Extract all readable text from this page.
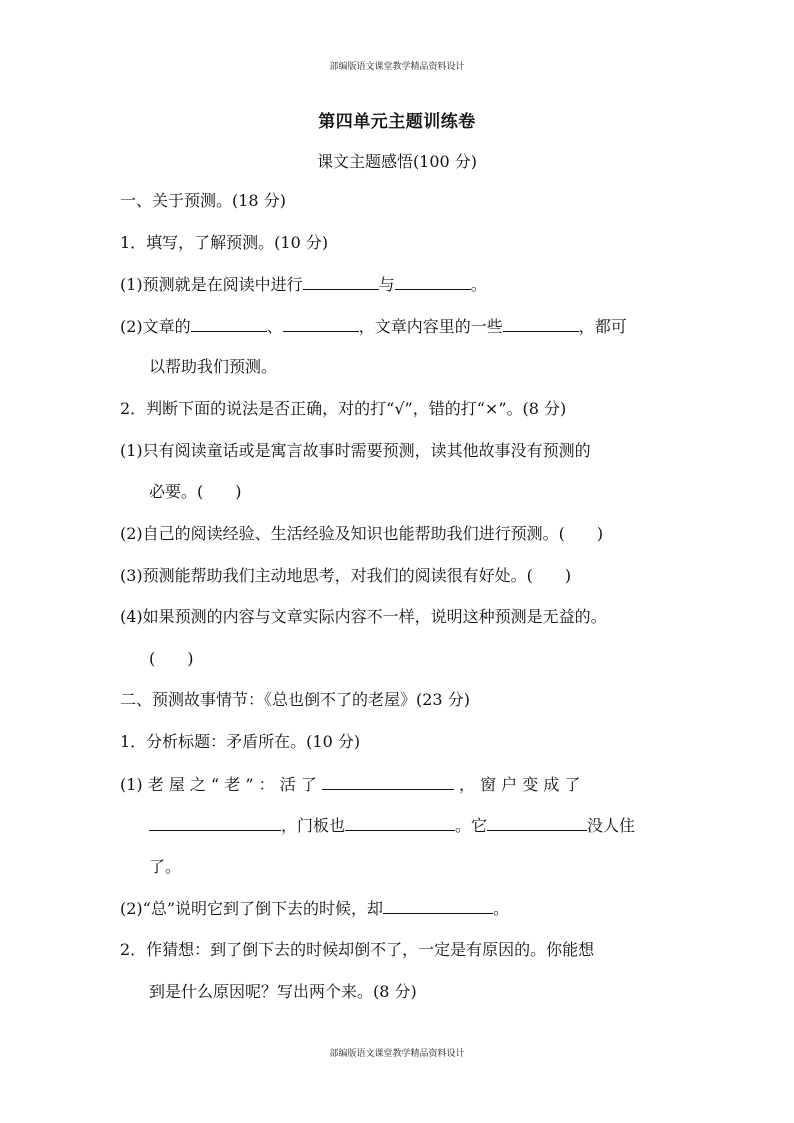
部编版语文课堂教学精品资料设计
第四单元主题训练卷
课文主题感悟(100 分)
一、关于预测。(18 分)
1．填写，了解预测。(10 分)
(1)预测就是在阅读中进行	与	。
(2)文章的	、	，文章内容里的一些	，都可
以帮助我们预测。
2．判断下面的说法是否正确，对的打“√”，错的打“×”。(8 分)
(1)只有阅读童话或是寓言故事时需要预测，读其他故事没有预测的
必要。(　　)
(2)自己的阅读经验、生活经验及知识也能帮助我们进行预测。(　　)
(3)预测能帮助我们主动地思考，对我们的阅读很有好处。(　　)
(4)如果预测的内容与文章实际内容不一样，说明这种预测是无益的。
(　　)
二、预测故事情节：《总也倒不了的老屋》(23 分)
1．分析标题：矛盾所在。(10 分)
(1) 老 屋 之 “ 老 ” ： 活 了	， 窗 户 变 成 了
，门板也	。它	没人住
了。
(2)“总”说明它到了倒下去的时候，却	。
2．作猜想：到了倒下去的时候却倒不了，一定是有原因的。你能想
到是什么原因呢？写出两个来。(8 分)
部编版语文课堂教学精品资料设计
